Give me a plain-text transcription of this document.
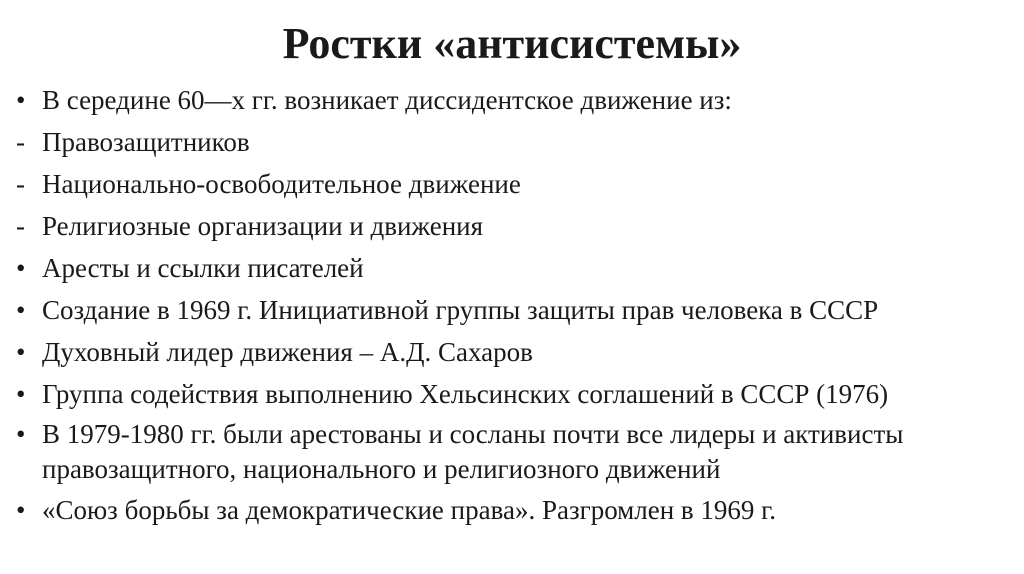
Ростки «антисистемы»
• В середине 60—х гг. возникает диссидентское движение из:
- Правозащитников
- Национально-освободительное движение
- Религиозные организации и движения
• Аресты и ссылки писателей
• Создание в 1969 г. Инициативной группы защиты прав человека в СССР
• Духовный лидер движения – А.Д. Сахаров
• Группа содействия выполнению Хельсинских соглашений в СССР (1976)
• В 1979-1980 гг. были арестованы и сосланы почти все лидеры и активисты правозащитного, национального и религиозного движений
• «Союз борьбы за демократические права». Разгромлен в 1969 г.
